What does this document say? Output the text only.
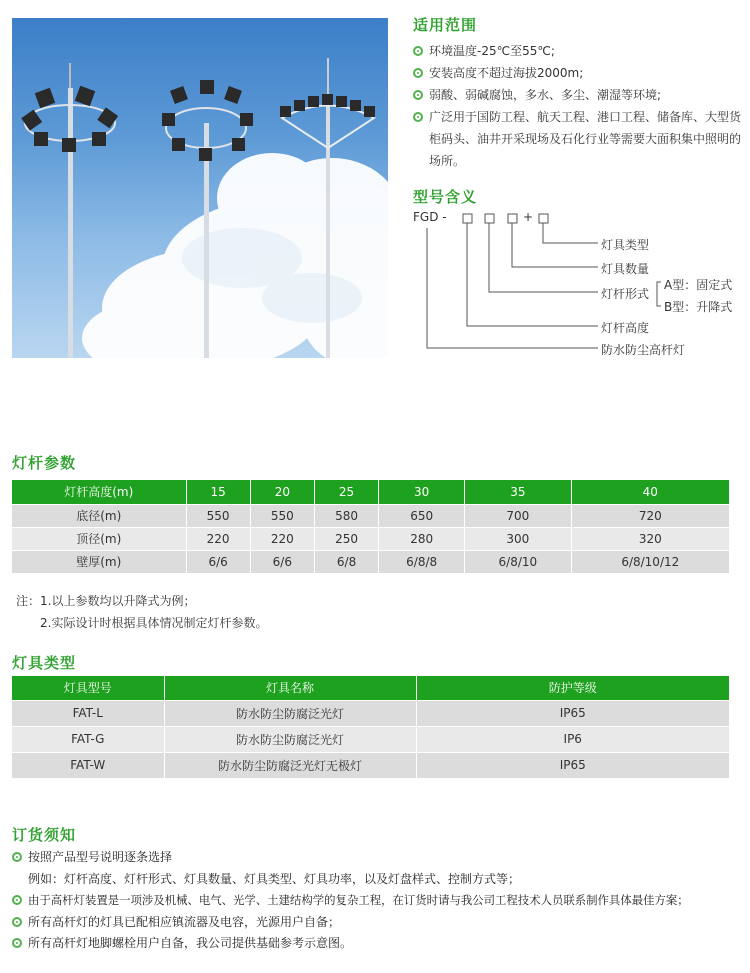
适用范围
环境温度-25℃至55℃;
安装高度不超过海拔2000m;
弱酸、弱碱腐蚀，多水、多尘、潮湿等环境;
广泛用于国防工程、航天工程、港口工程、储备库、大型货柜码头、油井开采现场及石化行业等需要大面积集中照明的场所。
型号含义
FGD -	+
灯具类型
灯具数量
灯杆形式
A型：固定式
B型：升降式
灯杆高度
防水防尘高杆灯
灯杆参数
灯杆高度(m)	15	20	25	30	35	40
底径(m)	550	550	580	650	700	720
顶径(m)	220	220	250	280	300	320
壁厚(m)	6/6	6/6	6/8	6/8/8	6/8/10	6/8/10/12
注：1.以上参数均以升降式为例；
2.实际设计时根据具体情况制定灯杆参数。
灯具类型
灯具型号	灯具名称	防护等级
FAT-L	防水防尘防腐泛光灯	IP65
FAT-G	防水防尘防腐泛光灯	IP6
FAT-W	防水防尘防腐泛光灯无极灯	IP65
订货须知

按照产品型号说明逐条选择

例如：灯杆高度、灯杆形式、灯具数量、灯具类型、灯具功率，以及灯盘样式、控制方式等；

由于高杆灯装置是一项涉及机械、电气、光学、土建结构学的复杂工程，在订货时请与我公司工程技术人员联系制作具体最佳方案；

所有高杆灯的灯具已配相应镇流器及电容，光源用户自备；

所有高杆灯地脚螺栓用户自备，我公司提供基础参考示意图。
